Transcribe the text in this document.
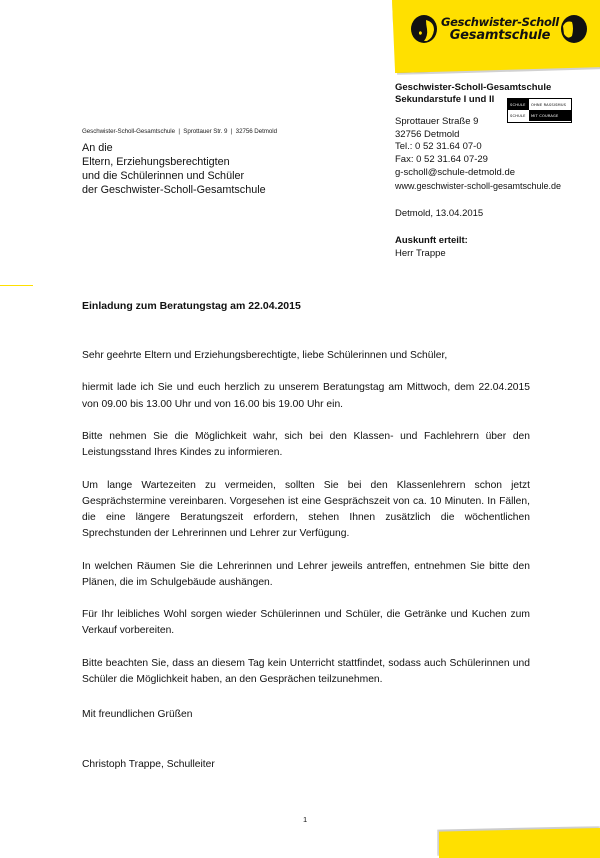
Geschwister-Scholl
Gesamtschule
Geschwister-Scholl-Gesamtschule
Sekundarstufe I und II	SCHULE	OHNE RASSISMUS
SCHULE	MIT COURAGE
Sprottauer Straße 9
32756 Detmold
Tel.: 0 52 31.64 07-0
Fax: 0 52 31.64 07-29
g-scholl@schule-detmold.de
www.geschwister-scholl-gesamtschule.de
Detmold, 13.04.2015
Auskunft erteilt:
Herr Trappe
Geschwister-Scholl-Gesamtschule  |  Sprottauer Str. 9  |  32756 Detmold
An die
Eltern, Erziehungsberechtigten
und die Schülerinnen und Schüler
der Geschwister-Scholl-Gesamtschule
Einladung zum Beratungstag am 22.04.2015

Sehr geehrte Eltern und Erziehungsberechtigte, liebe Schülerinnen und Schüler,

hiermit lade ich Sie und euch herzlich zu unserem Beratungstag am Mittwoch, dem 22.04.2015 von 09.00 bis 13.00 Uhr und von 16.00 bis 19.00 Uhr ein.

Bitte nehmen Sie die Möglichkeit wahr, sich bei den Klassen- und Fachlehrern über den Leistungsstand Ihres Kindes zu informieren.

Um lange Wartezeiten zu vermeiden, sollten Sie bei den Klassenlehrern schon jetzt Gesprächstermine vereinbaren. Vorgesehen ist eine Gesprächszeit von ca. 10 Minuten. In Fällen, die eine längere Beratungszeit erfordern, stehen Ihnen zusätzlich die wöchentlichen Sprechstunden der Lehrerinnen und Lehrer zur Verfügung.

In welchen Räumen Sie die Lehrerinnen und Lehrer jeweils antreffen, entnehmen Sie bitte den Plänen, die im Schulgebäude aushängen.

Für Ihr leibliches Wohl sorgen wieder Schülerinnen und Schüler, die Getränke und Kuchen zum Verkauf vorbereiten.

Bitte beachten Sie, dass an diesem Tag kein Unterricht stattfindet, sodass auch Schülerinnen und Schüler die Möglichkeit haben, an den Gesprächen teilzunehmen.

Mit freundlichen Grüßen
Christoph Trappe, Schulleiter
1
